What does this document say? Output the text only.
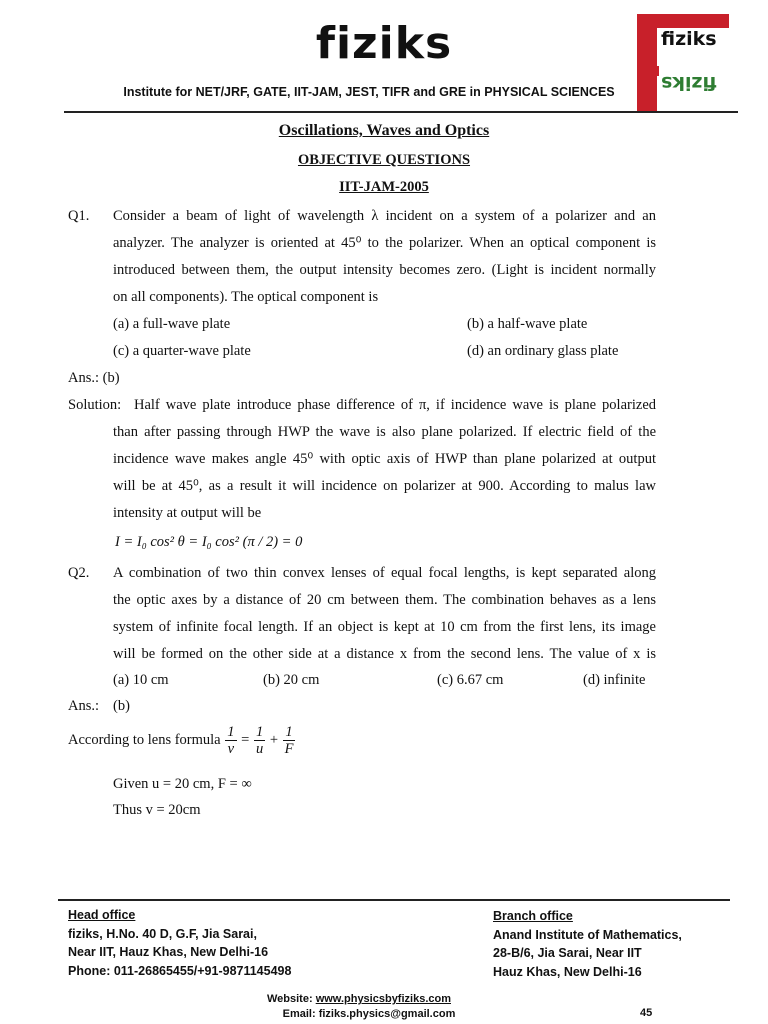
fiziks
Institute for NET/JRF, GATE, IIT-JAM, JEST, TIFR and GRE in PHYSICAL SCIENCES
fiziks
fiziks
Oscillations, Waves and Optics
OBJECTIVE QUESTIONS
IIT-JAM-2005
Q1. Consider a beam of light of wavelength λ incident on a system of a polarizer and an
analyzer. The analyzer is oriented at 45⁰ to the polarizer. When an optical component is
introduced between them, the output intensity becomes zero. (Light is incident normally
on all components). The optical component is
(a) a full-wave plate	(b) a half-wave plate
(c) a quarter-wave plate	(d) an ordinary glass plate
Ans.: (b)
Solution: Half wave plate introduce phase difference of π, if incidence wave is plane polarized
than after passing through HWP the wave is also plane polarized. If electric field of the
incidence wave makes angle 45⁰ with optic axis of HWP than plane polarized at output
will be at 45⁰, as a result it will incidence on polarizer at 900. According to malus law
intensity at output will be
I = I₀ cos² θ = I₀ cos² (π / 2) = 0
Q2. A combination of two thin convex lenses of equal focal lengths, is kept separated along
the optic axes by a distance of 20 cm between them. The combination behaves as a lens
system of infinite focal length. If an object is kept at 10 cm from the first lens, its image
will be formed on the other side at a distance x from the second lens. The value of x is
(a) 10 cm	(b) 20 cm	(c) 6.67 cm	(d) infinite
Ans.: (b)
According to lens formula $\frac{1}{v} = \frac{1}{u} + \frac{1}{F}$
Given u = 20 cm, F = ∞
Thus v = 20cm
Head office
fiziks, H.No. 40 D, G.F, Jia Sarai,
Near IIT, Hauz Khas, New Delhi-16
Phone: 011-26865455/+91-9871145498
Branch office
Anand Institute of Mathematics,
28-B/6, Jia Sarai, Near IIT
Hauz Khas, New Delhi-16
Website: www.physicsbyfiziks.com
Email: fiziks.physics@gmail.com	45
